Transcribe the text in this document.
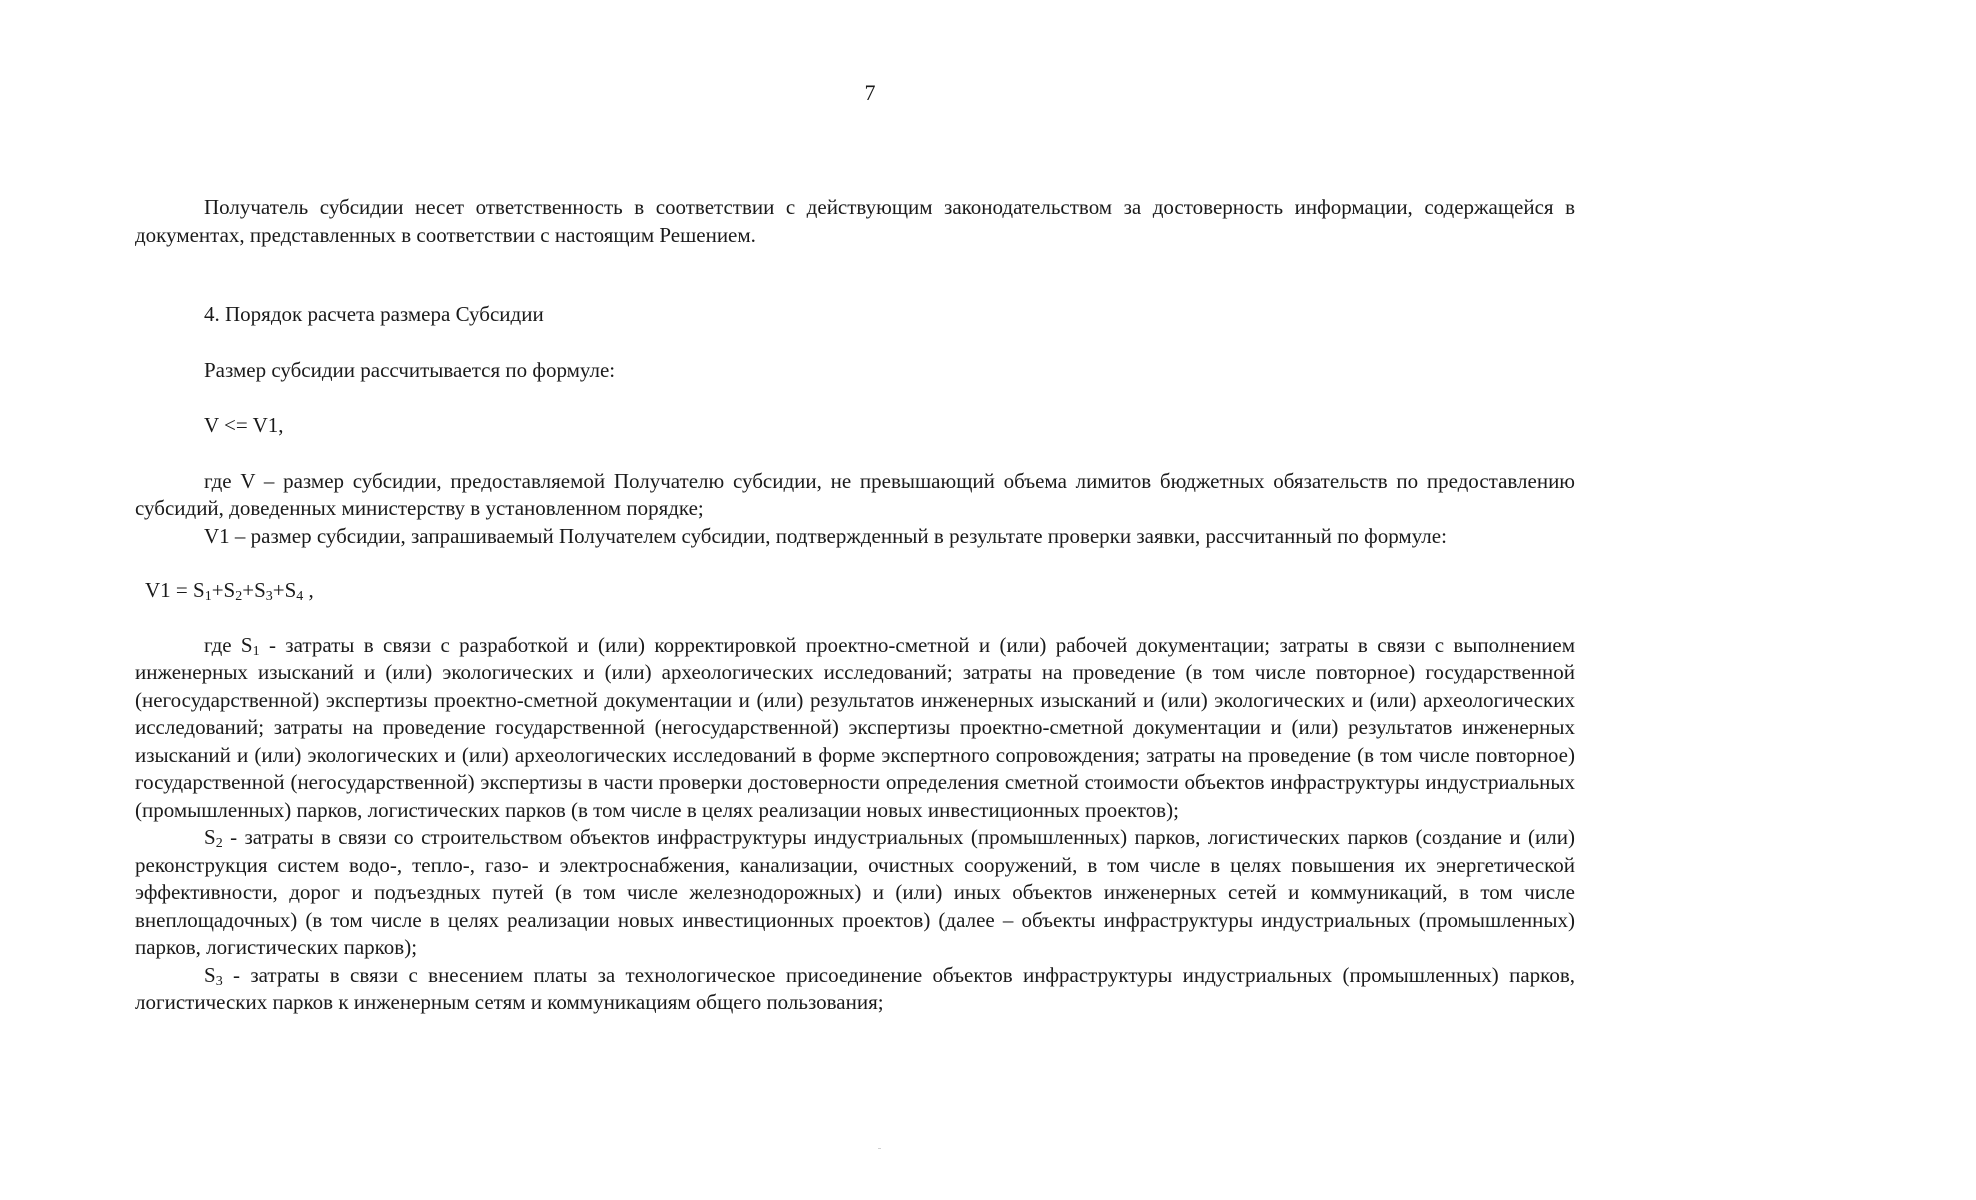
7

Получатель субсидии несет ответственность в соответствии с действующим законодательством за достоверность информации, содержащейся в документах, представленных в соответствии с настоящим Решением.

4. Порядок расчета размера Субсидии

Размер субсидии рассчитывается по формуле:

V <= V1,

где V – размер субсидии, предоставляемой Получателю субсидии, не превышающий объема лимитов бюджетных обязательств по предоставлению субсидий, доведенных министерству в установленном порядке;

V1 – размер субсидии, запрашиваемый Получателем субсидии, подтвержденный в результате проверки заявки, рассчитанный по формуле:

$V1 = S_1+S_2+S_3+S_4$ ,

где $S_1$ - затраты в связи с разработкой и (или) корректировкой проектно-сметной и (или) рабочей документации; затраты в связи с выполнением инженерных изысканий и (или) экологических и (или) археологических исследований; затраты на проведение (в том числе повторное) государственной (негосударственной) экспертизы проектно-сметной документации и (или) результатов инженерных изысканий и (или) экологических и (или) археологических исследований; затраты на проведение государственной (негосударственной) экспертизы проектно-сметной документации и (или) результатов инженерных изысканий и (или) экологических и (или) археологических исследований в форме экспертного сопровождения; затраты на проведение (в том числе повторное) государственной (негосударственной) экспертизы в части проверки достоверности определения сметной стоимости объектов инфраструктуры индустриальных (промышленных) парков, логистических парков (в том числе в целях реализации новых инвестиционных проектов);

$S_2$ - затраты в связи со строительством объектов инфраструктуры индустриальных (промышленных) парков, логистических парков (создание и (или) реконструкция систем водо-, тепло-, газо- и электроснабжения, канализации, очистных сооружений, в том числе в целях повышения их энергетической эффективности, дорог и подъездных путей (в том числе железнодорожных) и (или) иных объектов инженерных сетей и коммуникаций, в том числе внеплощадочных) (в том числе в целях реализации новых инвестиционных проектов) (далее – объекты инфраструктуры индустриальных (промышленных) парков, логистических парков);

$S_3$ - затраты в связи с внесением платы за технологическое присоединение объектов инфраструктуры индустриальных (промышленных) парков, логистических парков к инженерным сетям и коммуникациям общего пользования;
